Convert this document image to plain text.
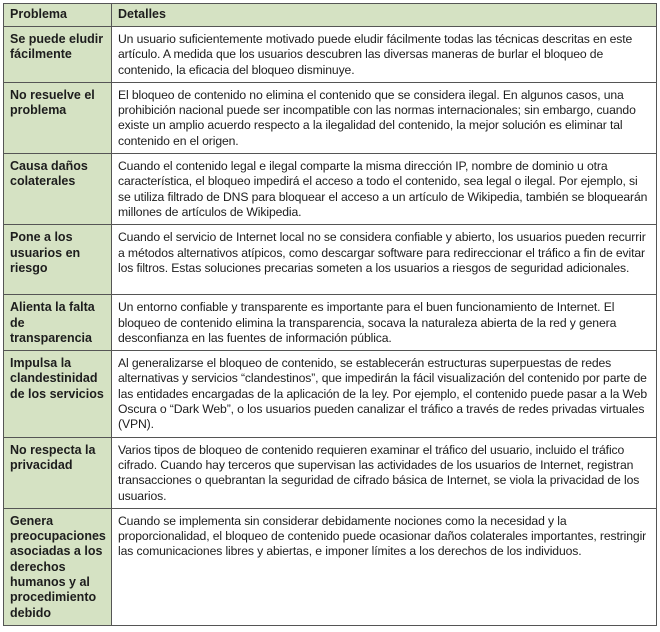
Problema	Detalles
Se puede eludir fácilmente	Un usuario suficientemente motivado puede eludir fácilmente todas las técnicas descritas en este artículo. A medida que los usuarios descubren las diversas maneras de burlar el bloqueo de contenido, la eficacia del bloqueo disminuye.
No resuelve el problema	El bloqueo de contenido no elimina el contenido que se considera ilegal. En algunos casos, una prohibición nacional puede ser incompatible con las normas internacionales; sin embargo, cuando existe un amplio acuerdo respecto a la ilegalidad del contenido, la mejor solución es eliminar tal contenido en el origen.
Causa daños colaterales	Cuando el contenido legal e ilegal comparte la misma dirección IP, nombre de dominio u otra característica, el bloqueo impedirá el acceso a todo el contenido, sea legal o ilegal. Por ejemplo, si se utiliza filtrado de DNS para bloquear el acceso a un artículo de Wikipedia, también se bloquearán millones de artículos de Wikipedia.
Pone a los usuarios en riesgo	Cuando el servicio de Internet local no se considera confiable y abierto, los usuarios pueden recurrir a métodos alternativos atípicos, como descargar software para redireccionar el tráfico a fin de evitar los filtros. Estas soluciones precarias someten a los usuarios a riesgos de seguridad adicionales.
Alienta la falta de transparencia	Un entorno confiable y transparente es importante para el buen funcionamiento de Internet. El bloqueo de contenido elimina la transparencia, socava la naturaleza abierta de la red y genera desconfianza en las fuentes de información pública.
Impulsa la clandestinidad de los servicios	Al generalizarse el bloqueo de contenido, se establecerán estructuras superpuestas de redes alternativas y servicios “clandestinos”, que impedirán la fácil visualización del contenido por parte de las entidades encargadas de la aplicación de la ley. Por ejemplo, el contenido puede pasar a la Web Oscura o “Dark Web”, o los usuarios pueden canalizar el tráfico a través de redes privadas virtuales (VPN).
No respecta la privacidad	Varios tipos de bloqueo de contenido requieren examinar el tráfico del usuario, incluido el tráfico cifrado. Cuando hay terceros que supervisan las actividades de los usuarios de Internet, registran transacciones o quebrantan la seguridad de cifrado básica de Internet, se viola la privacidad de los usuarios.
Genera preocupaciones asociadas a los derechos humanos y al procedimiento debido	Cuando se implementa sin considerar debidamente nociones como la necesidad y la proporcionalidad, el bloqueo de contenido puede ocasionar daños colaterales importantes, restringir las comunicaciones libres y abiertas, e imponer límites a los derechos de los individuos.
